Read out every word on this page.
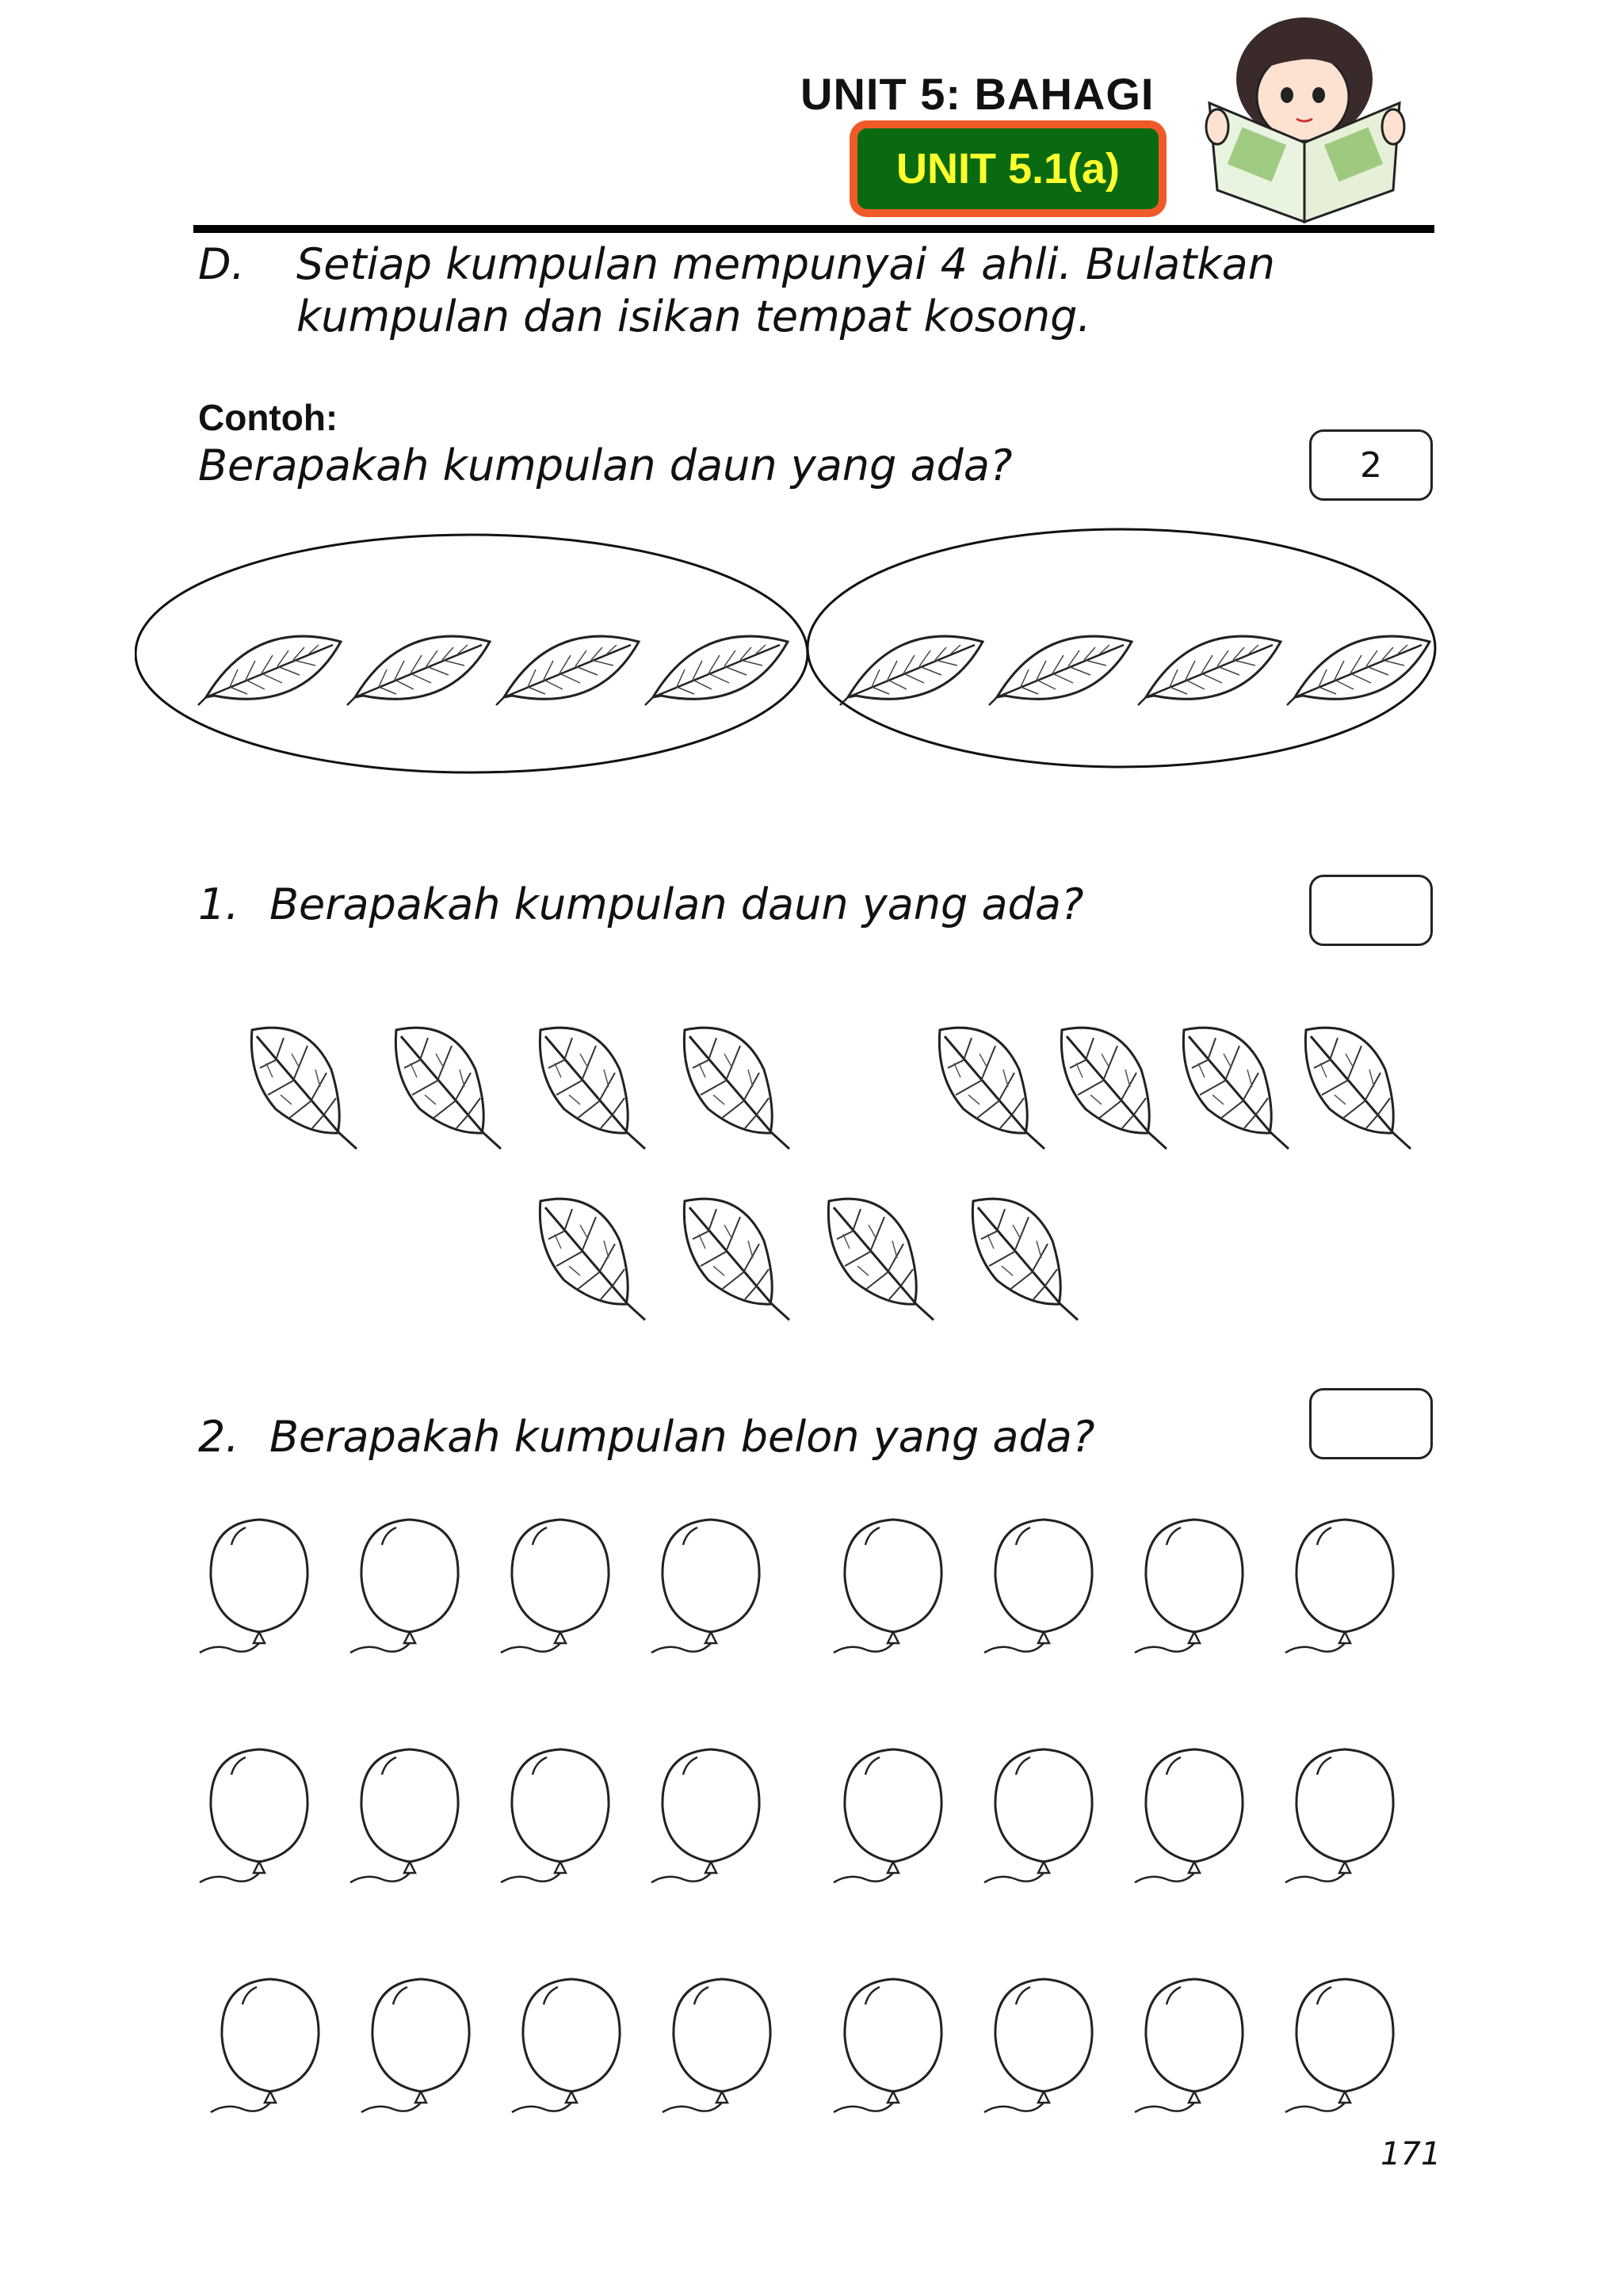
UNIT 5: BAHAGI
UNIT 5.1(a)
D. Setiap kumpulan mempunyai 4 ahli. Bulatkan
kumpulan dan isikan tempat kosong.
Contoh:
Berapakah kumpulan daun yang ada?	2
1. Berapakah kumpulan daun yang ada?
2. Berapakah kumpulan belon yang ada?
171
